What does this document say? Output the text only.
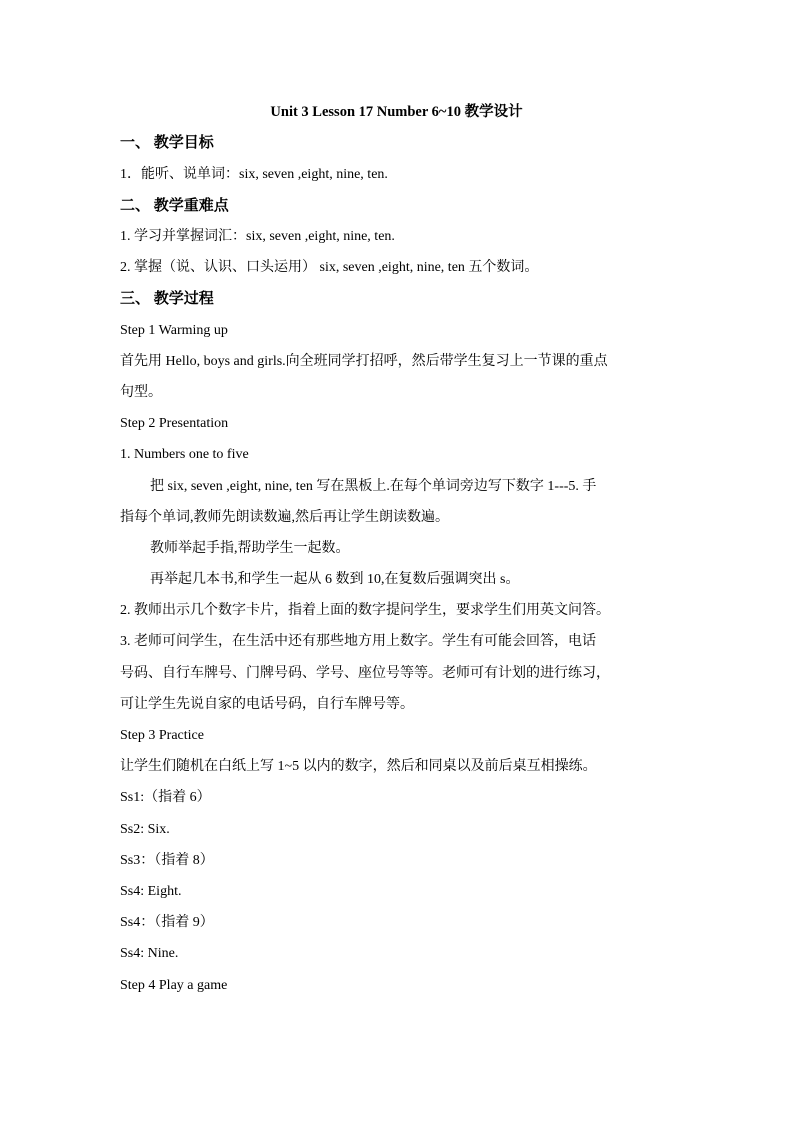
Unit 3 Lesson 17 Number 6~10 教学设计
一、 教学目标
1．能听、说单词：six, seven ,eight, nine, ten.
二、 教学重难点
1. 学习并掌握词汇：six, seven ,eight, nine, ten.
2. 掌握（说、认识、口头运用） six, seven ,eight, nine, ten 五个数词。
三、 教学过程
Step 1 Warming up
首先用 Hello, boys and girls.向全班同学打招呼，然后带学生复习上一节课的重点
句型。
Step 2 Presentation
1. Numbers one to five
把 six, seven ,eight, nine, ten 写在黑板上.在每个单词旁边写下数字 1---5. 手
指每个单词,教师先朗读数遍,然后再让学生朗读数遍。
教师举起手指,帮助学生一起数。
再举起几本书,和学生一起从 6 数到 10,在复数后强调突出 s。
2. 教师出示几个数字卡片，指着上面的数字提问学生，要求学生们用英文问答。
3. 老师可问学生，在生活中还有那些地方用上数字。学生有可能会回答，电话
号码、自行车牌号、门牌号码、学号、座位号等等。老师可有计划的进行练习，
可让学生先说自家的电话号码，自行车牌号等。
Step 3 Practice
让学生们随机在白纸上写 1~5 以内的数字，然后和同桌以及前后桌互相操练。
Ss1:（指着 6）
Ss2: Six.
Ss3：（指着 8）
Ss4: Eight.
Ss4：（指着 9）
Ss4: Nine.
Step 4 Play a game
